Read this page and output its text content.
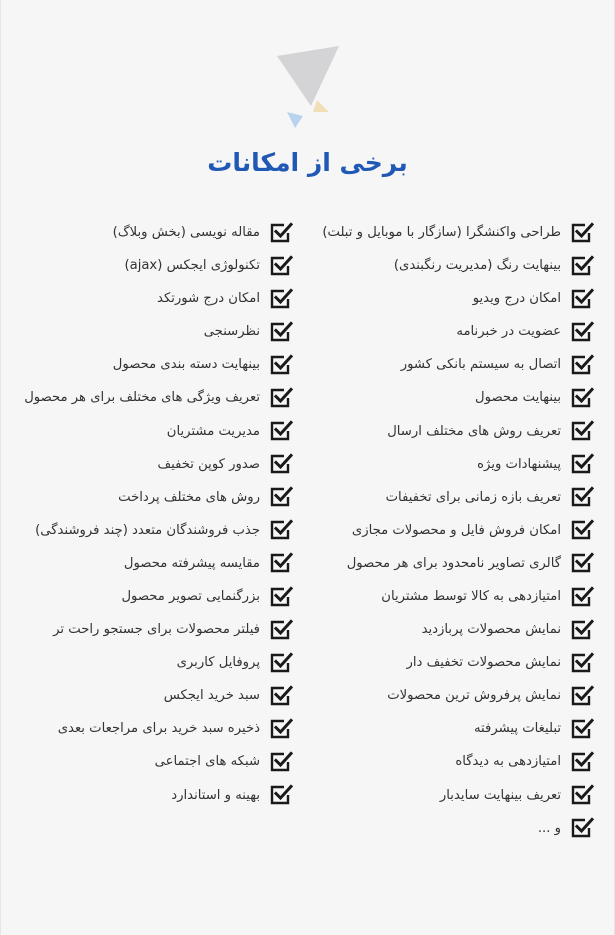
برخی از امکانات
طراحی واکنشگرا (سازگار با موبایل و تبلت)
بینهایت رنگ (مدیریت رنگبندی)
امکان درج ویدیو
عضویت در خبرنامه
اتصال به سیستم بانکی کشور
بینهایت محصول
تعریف روش های مختلف ارسال
پیشنهادات ویژه
تعریف بازه زمانی برای تخفیفات
امکان فروش فایل و محصولات مجازی
گالری تصاویر نامحدود برای هر محصول
امتیازدهی به کالا توسط مشتریان
نمایش محصولات پربازدید
نمایش محصولات تخفیف دار
نمایش پرفروش ترین محصولات
تبلیغات پیشرفته
امتیازدهی به دیدگاه
تعریف بینهایت سایدبار
و ...
مقاله نویسی (بخش وبلاگ)
تکنولوژی ایجکس (ajax)
امکان درج شورتکد
نظرسنجی
بینهایت دسته بندی محصول
تعریف ویژگی های مختلف برای هر محصول
مدیریت مشتریان
صدور کوپن تخفیف
روش های مختلف پرداخت
جذب فروشندگان متعدد (چند فروشندگی)
مقایسه پیشرفته محصول
بزرگنمایی تصویر محصول
فیلتر محصولات برای جستجو راحت تر
پروفایل کاربری
سبد خرید ایجکس
ذخیره سبد خرید برای مراجعات بعدی
شبکه های اجتماعی
بهینه و استاندارد
